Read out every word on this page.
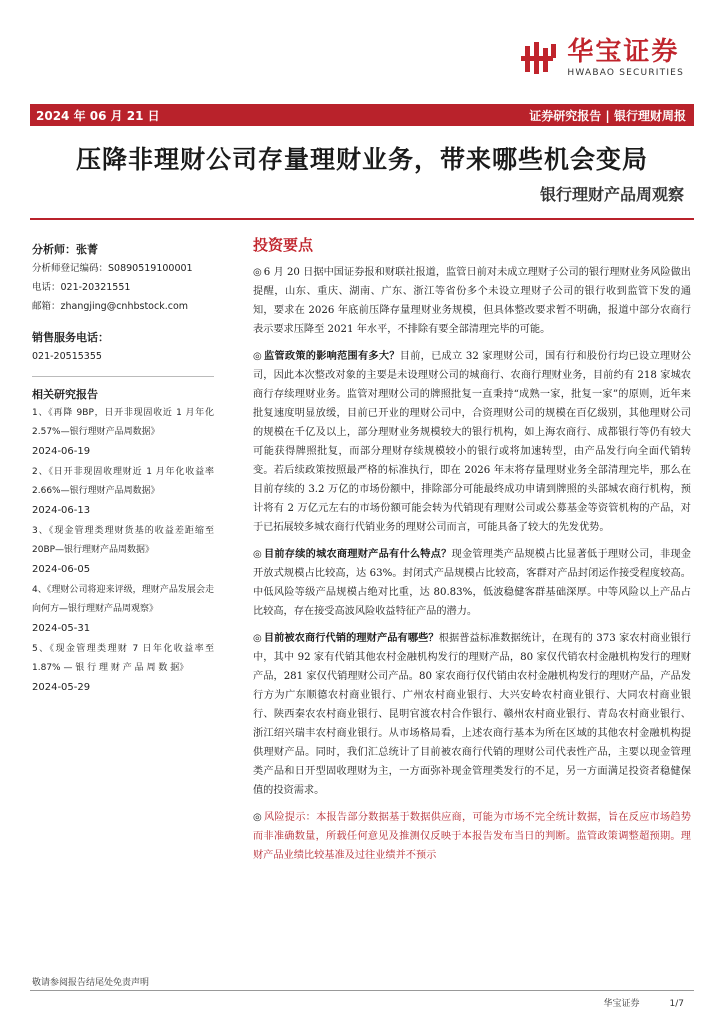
华宝证券
HWABAO SECURITIES
2024 年 06 月 21 日	证券研究报告 | 银行理财周报
压降非理财公司存量理财业务，带来哪些机会变局
银行理财产品周观察
分析师：张菁
分析师登记编码：S0890519100001
电话：021-20321551
邮箱：zhangjing@cnhbstock.com
销售服务电话：
021-20515355
相关研究报告
1、《再降 9BP，日开非现固收近 1 月年化 2.57%—银行理财产品周数据》
2024-06-19
2、《日开非现固收理财近 1 月年化收益率 2.66%—银行理财产品周数据》
2024-06-13
3、《现金管理类理财货基的收益差距缩至 20BP—银行理财产品周数据》
2024-06-05
4、《理财公司将迎来评级，理财产品发展会走向何方—银行理财产品周观察》
2024-05-31
5、《现金管理类理财 7 日年化收益率至 1.87% — 银 行 理 财 产 品 周 数 据》
2024-05-29
投资要点
◎ 6 月 20 日据中国证券报和财联社报道，监管日前对未成立理财子公司的银行理财业务风险做出提醒，山东、重庆、湖南、广东、浙江等省份多个未设立理财子公司的银行收到监管下发的通知，要求在 2026 年底前压降存量理财业务规模，但具体整改要求暂不明确，报道中部分农商行表示要求压降至 2021 年水平，不排除有要全部清理完毕的可能。
◎ 监管政策的影响范围有多大？目前，已成立 32 家理财公司，国有行和股份行均已设立理财公司，因此本次整改对象的主要是未设理财公司的城商行、农商行理财业务，目前约有 218 家城农商行存续理财业务。监管对理财公司的牌照批复一直秉持“成熟一家，批复一家”的原则，近年来批复速度明显放缓，目前已开业的理财公司中，合资理财公司的规模在百亿级别，其他理财公司的规模在千亿及以上，部分理财业务规模较大的银行机构，如上海农商行、成都银行等仍有较大可能获得牌照批复，而部分理财存续规模较小的银行或将加速转型，由产品发行向全面代销转变。若后续政策按照最严格的标准执行，即在 2026 年末将存量理财业务全部清理完毕，那么在目前存续的 3.2 万亿的市场份额中，排除部分可能最终成功申请到牌照的头部城农商行机构，预计将有 2 万亿元左右的市场份额可能会转为代销现有理财公司或公募基金等资管机构的产品，对于已拓展较多城农商行代销业务的理财公司而言，可能具备了较大的先发优势。
◎ 目前存续的城农商理财产品有什么特点？现金管理类产品规模占比显著低于理财公司，非现金开放式规模占比较高，达 63%。封闭式产品规模占比较高，客群对产品封闭运作接受程度较高。中低风险等级产品规模占绝对比重，达 80.83%，低波稳健客群基础深厚。中等风险以上产品占比较高，存在接受高波风险收益特征产品的潜力。
◎ 目前被农商行代销的理财产品有哪些？根据普益标准数据统计，在现有的 373 家农村商业银行中，其中 92 家有代销其他农村金融机构发行的理财产品，80 家仅代销农村金融机构发行的理财产品，281 家仅代销理财公司产品。80 家农商行仅代销由农村金融机构发行的理财产品，产品发行方为广东顺德农村商业银行、广州农村商业银行、大兴安岭农村商业银行、大同农村商业银行、陕西秦农农村商业银行、昆明官渡农村合作银行、赣州农村商业银行、青岛农村商业银行、浙江绍兴瑞丰农村商业银行。从市场格局看，上述农商行基本为所在区域的其他农村金融机构提供理财产品。同时，我们汇总统计了目前被农商行代销的理财公司代表性产品，主要以现金管理类产品和日开型固收理财为主，一方面弥补现金管理类发行的不足，另一方面满足投资者稳健保值的投资需求。
◎ 风险提示：本报告部分数据基于数据供应商，可能为市场不完全统计数据，旨在反应市场趋势而非准确数量，所载任何意见及推测仅反映于本报告发布当日的判断。监管政策调整超预期。理财产品业绩比较基准及过往业绩并不预示
敬请参阅报告结尾处免责声明
华宝证券	1/7
